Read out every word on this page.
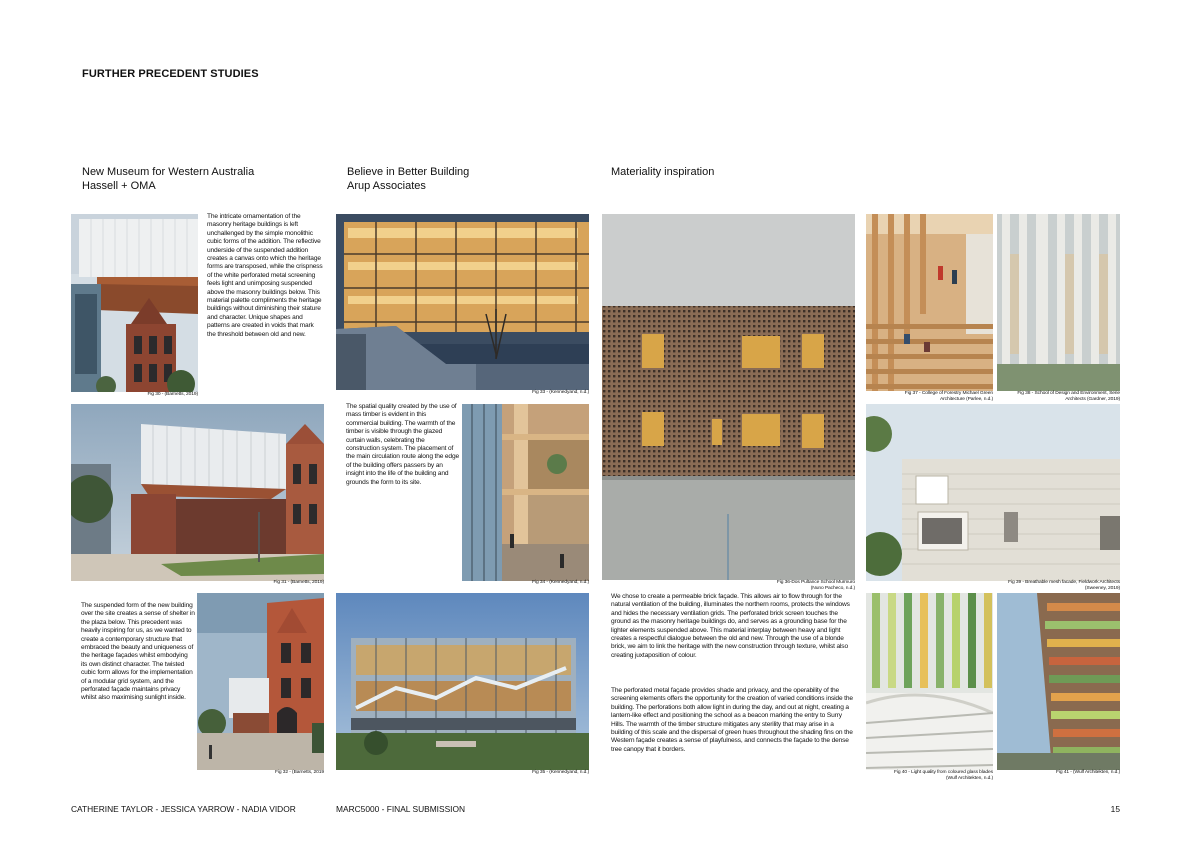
FURTHER PRECEDENT STUDIES
New Museum for Western Australia
Hassell + OMA
Believe in Better Building
Arup Associates
Materiality inspiration
The intricate ornamentation of the masonry heritage buildings is left unchallenged by the simple monolithic cubic forms of the addition. The reflective underside of the suspended addition creates a canvas onto which the heritage forms are transposed, while the crispness of the white perforated metal screening feels light and unimposing suspended above the masonry buildings below. This material palette compliments the heritage buildings without diminishing their stature and character. Unique shapes and patterns are created in voids that mark the threshold between old and new.
Fig 30 - (Barnetts, 2019)
Fig 31 - (Barnetts, 2019)
The suspended form of the new building over the site creates a sense of shelter in the plaza below. This precedent was heavily inspiring for us, as we wanted to create a contemporary structure that embraced the beauty and uniqueness of the heritage façades whilst embodying its own distinct character. The twisted cubic form allows for the implementation of a modular grid system, and the perforated façade maintains privacy whilst also maximising sunlight inside.
Fig 32 - (Barnetts, 2019
Fig 33 - (Kennedyand, n.d.)
The spatial quality created by the use of mass timber is evident in this commercial building. The warmth of the timber is visible through the glazed curtain walls, celebrating the construction system. The placement of the main circulation route along the edge of the building offers passers by an insight into the life of the building and grounds the form to its site.
Fig 34 - (Kennedyand, n.d.)
Fig 35 - (Kennedyand, n.d.)
Fig 36-Dos Pultance School Murmuro
(Nuno Pacheco, n.d.)
We chose to create a permeable brick façade. This allows air to flow through for the natural ventilation of the building, illuminates the northern rooms, protects the windows and hides the necessary ventilation grids. The perforated brick screen touches the ground as the masonry heritage buildings do, and serves as a grounding base for the lighter elements suspended above. This material interplay between heavy and light creates a respectful dialogue between the old and new. Through the use of a blonde brick, we aim to link the heritage with the new construction through texture, whilst also creating juxtaposition of colour.
The perforated metal façade provides shade and privacy, and the operability of the screening elements offers the opportunity for the creation of varied conditions inside the building. The perforations both allow light in during the day, and out at night, creating a lantern-like effect and positioning the school as a beacon marking the entry to Surry Hills. The warmth of the timber structure mitigates any sterility that may arise in a building of this scale and the dispersal of green hues throughout the shading fins on the Western façade creates a sense of playfulness, and connects the façade to the dense tree canopy that it borders.
Fig 37 - College of Forestry Michael Green
Architecture (Parlee, n.d.)
Fig 38 - School of Design and Environment, Serie
Architects (Gardner, 2019)
Fig 39 - Breathable mesh facade, Fieldwork Architects
(Sweeney, 2019)
Fig 40 - Light quality from coloured glass blades
(Wulf Architekten, n.d.)
Fig 41 - (Wulf Architekten, n.d.)
CATHERINE TAYLOR - JESSICA YARROW - NADIA VIDOR	MARC5000 - FINAL SUBMISSION	15
